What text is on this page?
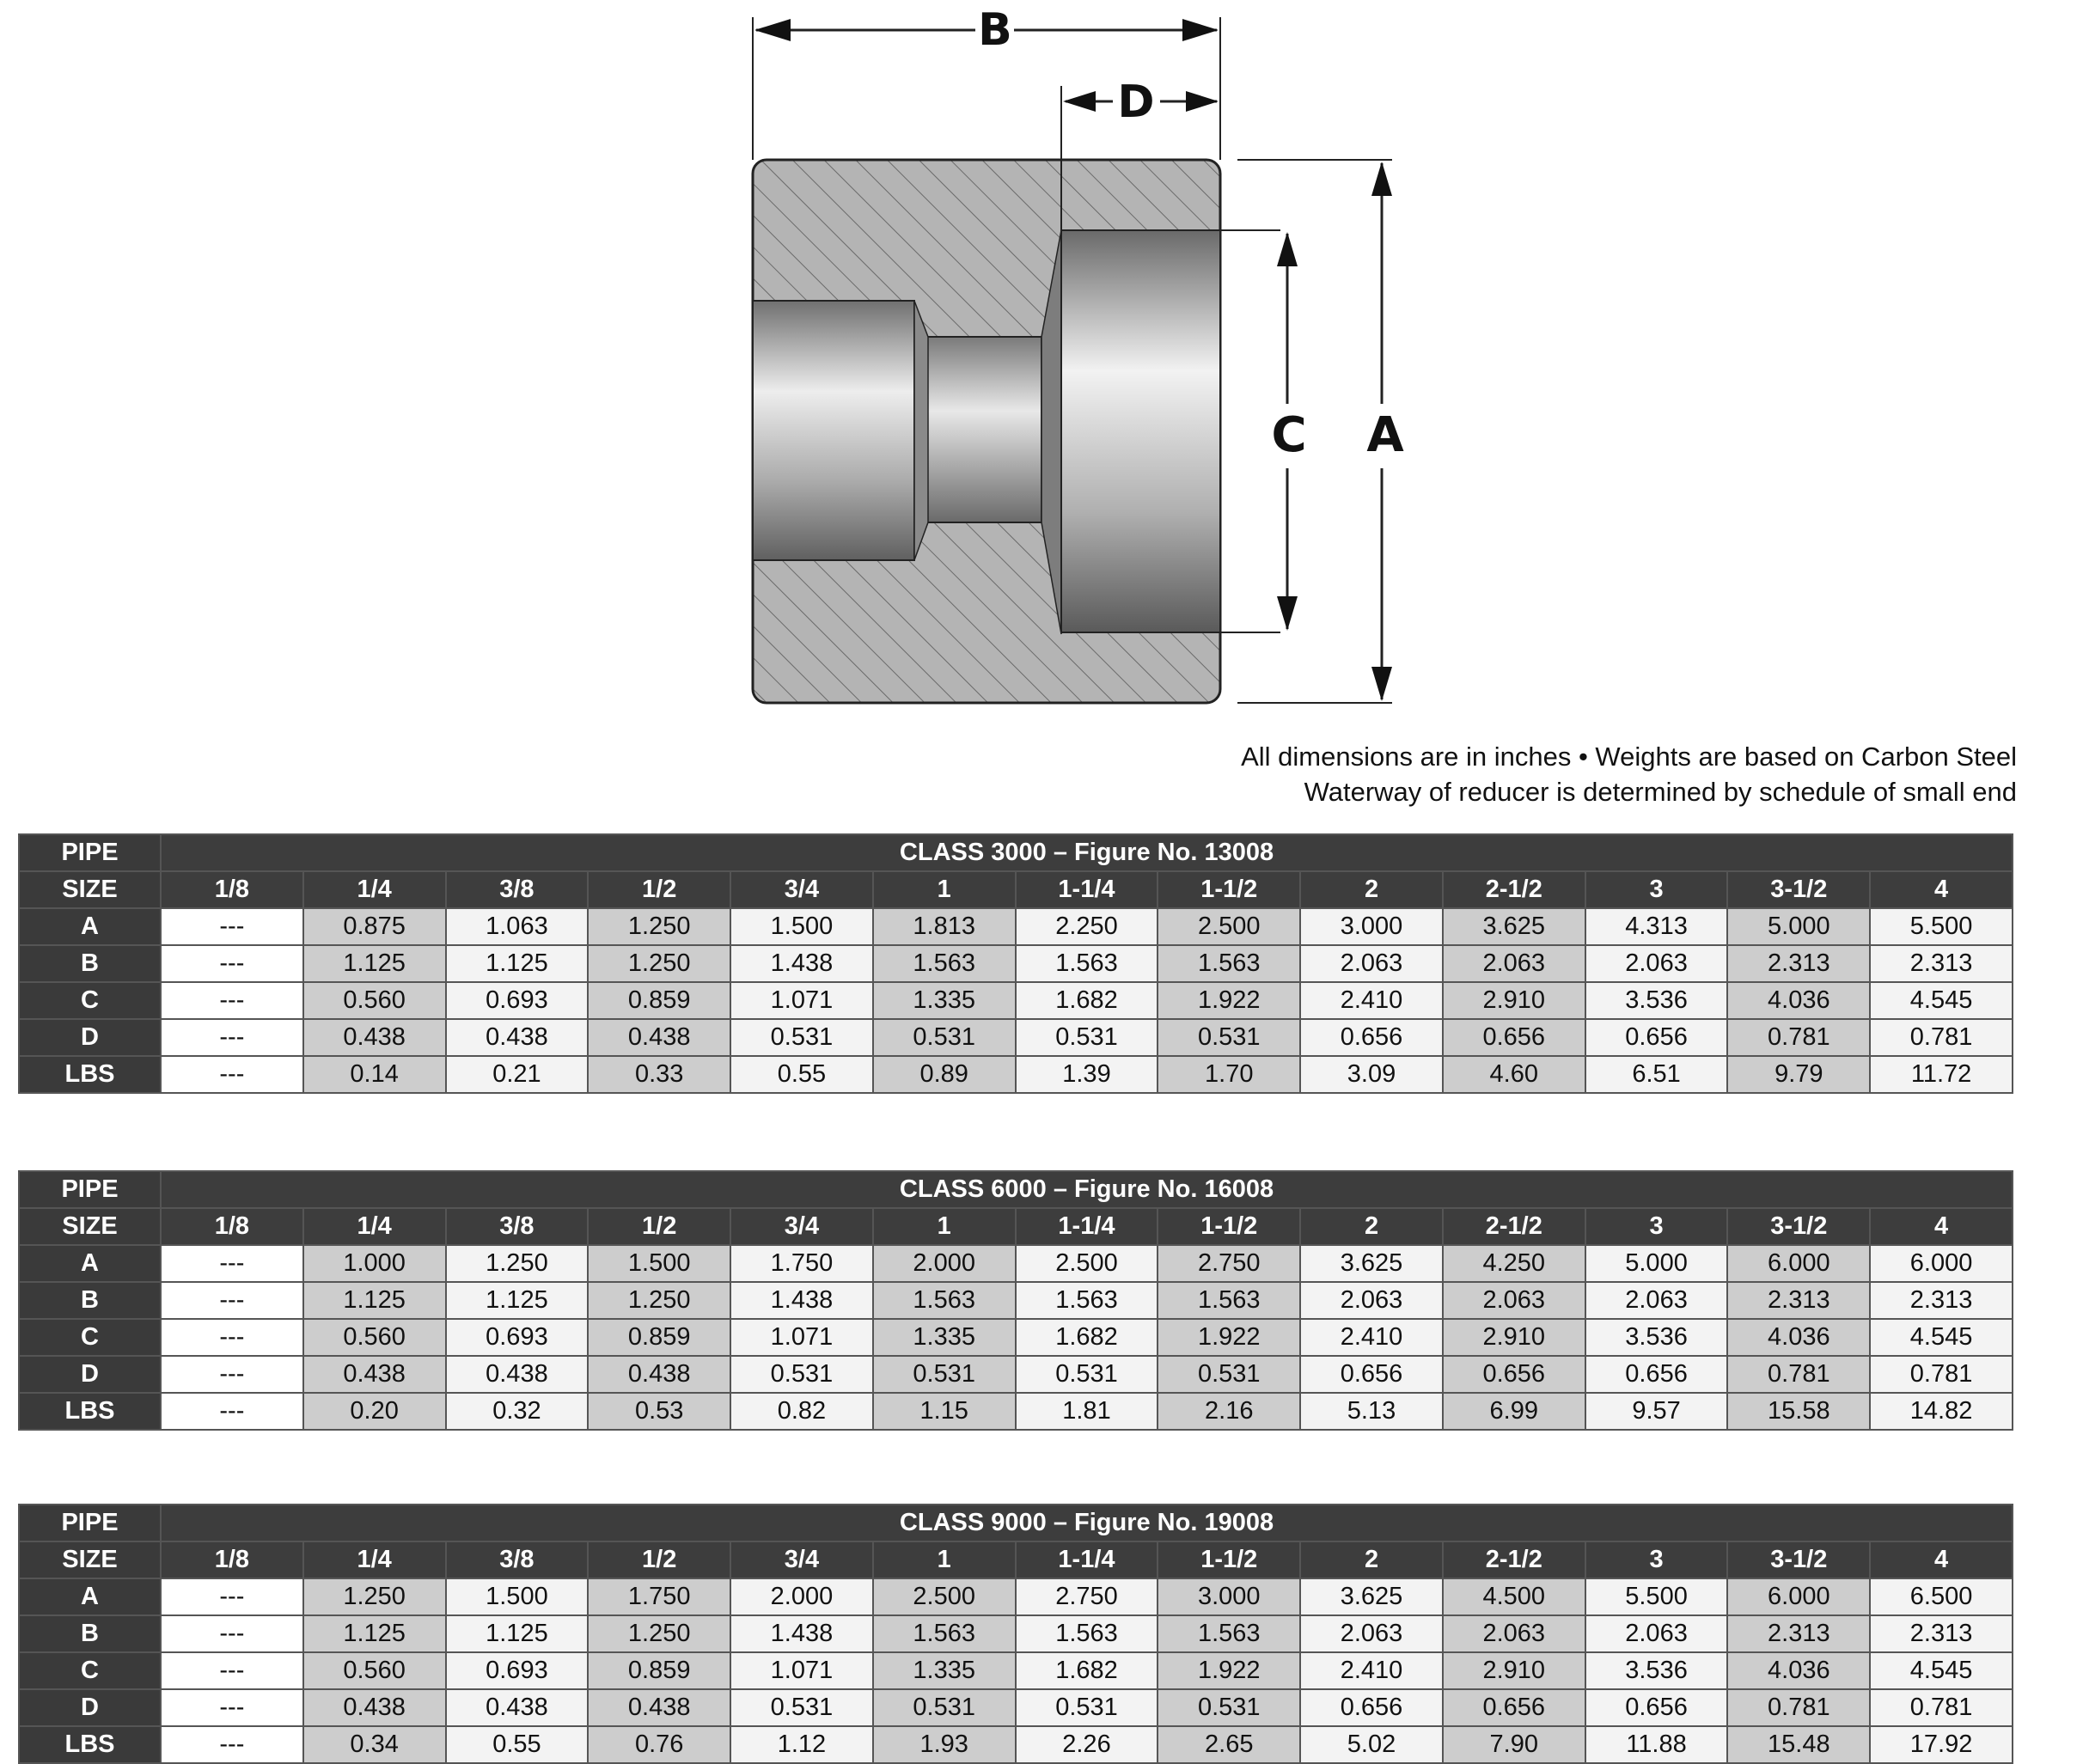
B
D
C A
All dimensions are in inches • Weights are based on Carbon Steel
Waterway of reducer is determined by schedule of small end
PIPE	CLASS 3000 – Figure No. 13008												
SIZE	1/8	1/4	3/8	1/2	3/4	1	1-1/4	1-1/2	2	2-1/2	3	3-1/2	4
A	---	0.875	1.063	1.250	1.500	1.813	2.250	2.500	3.000	3.625	4.313	5.000	5.500
B	---	1.125	1.125	1.250	1.438	1.563	1.563	1.563	2.063	2.063	2.063	2.313	2.313
C	---	0.560	0.693	0.859	1.071	1.335	1.682	1.922	2.410	2.910	3.536	4.036	4.545
D	---	0.438	0.438	0.438	0.531	0.531	0.531	0.531	0.656	0.656	0.656	0.781	0.781
LBS	---	0.14	0.21	0.33	0.55	0.89	1.39	1.70	3.09	4.60	6.51	9.79	11.72
PIPE	CLASS 6000 – Figure No. 16008												
SIZE	1/8	1/4	3/8	1/2	3/4	1	1-1/4	1-1/2	2	2-1/2	3	3-1/2	4
A	---	1.000	1.250	1.500	1.750	2.000	2.500	2.750	3.625	4.250	5.000	6.000	6.000
B	---	1.125	1.125	1.250	1.438	1.563	1.563	1.563	2.063	2.063	2.063	2.313	2.313
C	---	0.560	0.693	0.859	1.071	1.335	1.682	1.922	2.410	2.910	3.536	4.036	4.545
D	---	0.438	0.438	0.438	0.531	0.531	0.531	0.531	0.656	0.656	0.656	0.781	0.781
LBS	---	0.20	0.32	0.53	0.82	1.15	1.81	2.16	5.13	6.99	9.57	15.58	14.82
PIPE	CLASS 9000 – Figure No. 19008												
SIZE	1/8	1/4	3/8	1/2	3/4	1	1-1/4	1-1/2	2	2-1/2	3	3-1/2	4
A	---	1.250	1.500	1.750	2.000	2.500	2.750	3.000	3.625	4.500	5.500	6.000	6.500
B	---	1.125	1.125	1.250	1.438	1.563	1.563	1.563	2.063	2.063	2.063	2.313	2.313
C	---	0.560	0.693	0.859	1.071	1.335	1.682	1.922	2.410	2.910	3.536	4.036	4.545
D	---	0.438	0.438	0.438	0.531	0.531	0.531	0.531	0.656	0.656	0.656	0.781	0.781
LBS	---	0.34	0.55	0.76	1.12	1.93	2.26	2.65	5.02	7.90	11.88	15.48	17.92
